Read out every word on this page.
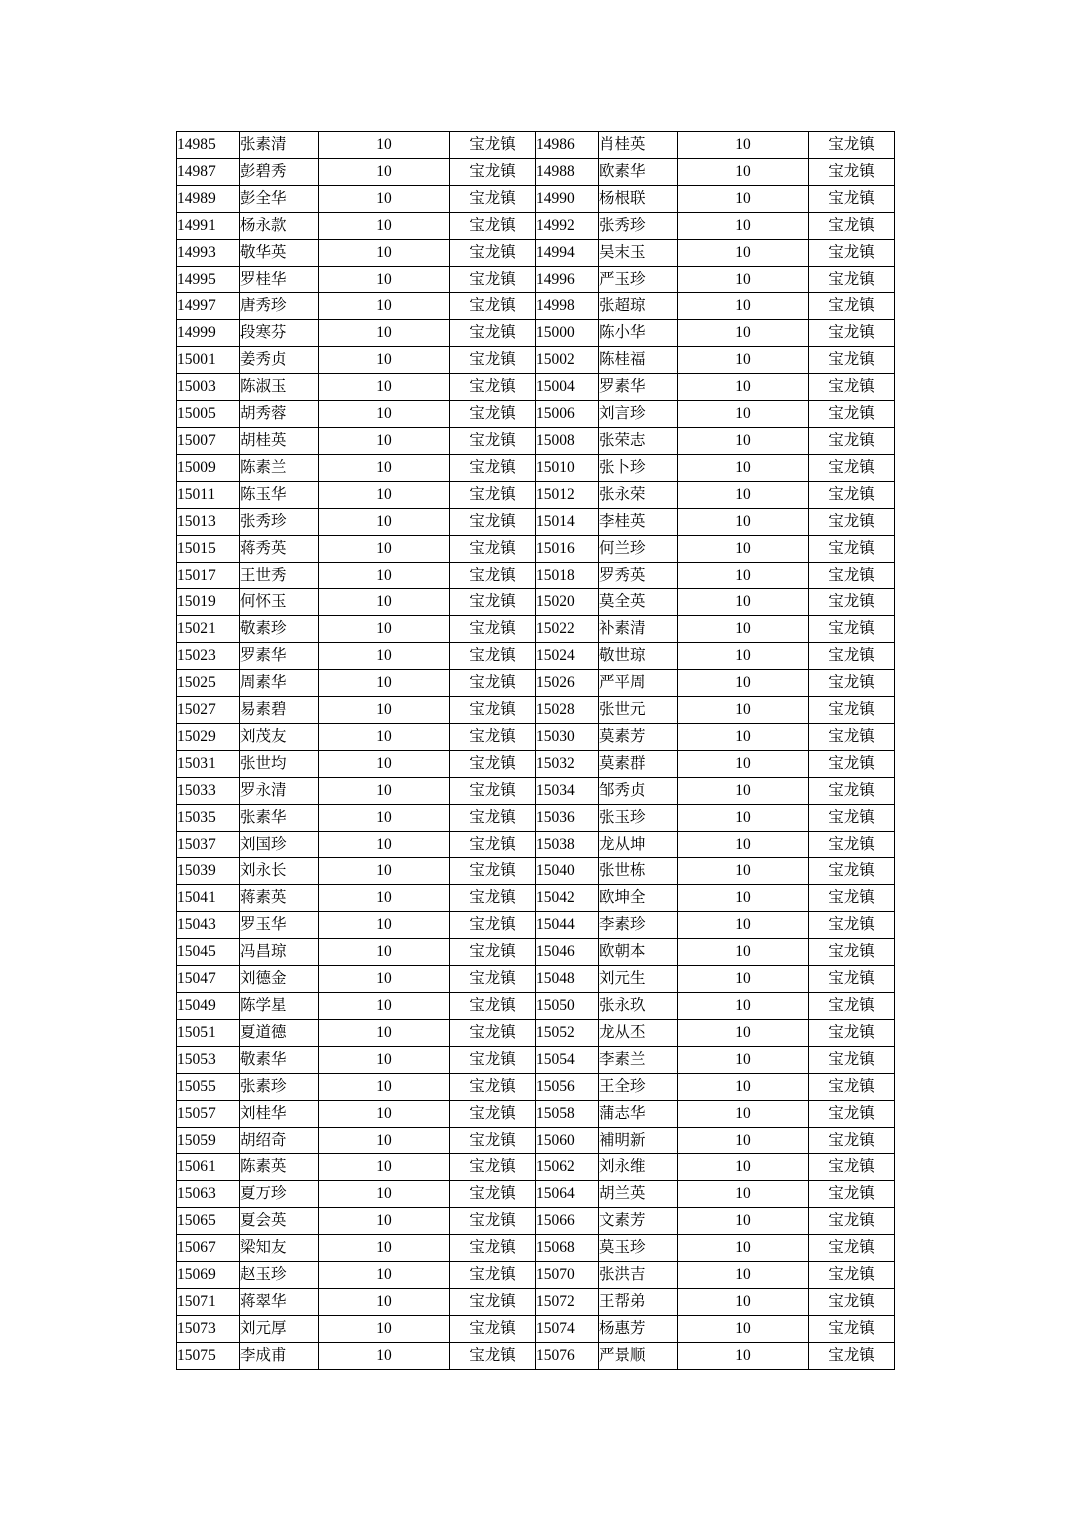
14985	张素清	10	宝龙镇	14986	肖桂英	10	宝龙镇
14987	彭碧秀	10	宝龙镇	14988	欧素华	10	宝龙镇
14989	彭全华	10	宝龙镇	14990	杨根联	10	宝龙镇
14991	杨永款	10	宝龙镇	14992	张秀珍	10	宝龙镇
14993	敬华英	10	宝龙镇	14994	吴末玉	10	宝龙镇
14995	罗桂华	10	宝龙镇	14996	严玉珍	10	宝龙镇
14997	唐秀珍	10	宝龙镇	14998	张超琼	10	宝龙镇
14999	段寒芬	10	宝龙镇	15000	陈小华	10	宝龙镇
15001	姜秀贞	10	宝龙镇	15002	陈桂福	10	宝龙镇
15003	陈淑玉	10	宝龙镇	15004	罗素华	10	宝龙镇
15005	胡秀蓉	10	宝龙镇	15006	刘言珍	10	宝龙镇
15007	胡桂英	10	宝龙镇	15008	张荣志	10	宝龙镇
15009	陈素兰	10	宝龙镇	15010	张卜珍	10	宝龙镇
15011	陈玉华	10	宝龙镇	15012	张永荣	10	宝龙镇
15013	张秀珍	10	宝龙镇	15014	李桂英	10	宝龙镇
15015	蒋秀英	10	宝龙镇	15016	何兰珍	10	宝龙镇
15017	王世秀	10	宝龙镇	15018	罗秀英	10	宝龙镇
15019	何怀玉	10	宝龙镇	15020	莫全英	10	宝龙镇
15021	敬素珍	10	宝龙镇	15022	补素清	10	宝龙镇
15023	罗素华	10	宝龙镇	15024	敬世琼	10	宝龙镇
15025	周素华	10	宝龙镇	15026	严平周	10	宝龙镇
15027	易素碧	10	宝龙镇	15028	张世元	10	宝龙镇
15029	刘茂友	10	宝龙镇	15030	莫素芳	10	宝龙镇
15031	张世均	10	宝龙镇	15032	莫素群	10	宝龙镇
15033	罗永清	10	宝龙镇	15034	邹秀贞	10	宝龙镇
15035	张素华	10	宝龙镇	15036	张玉珍	10	宝龙镇
15037	刘国珍	10	宝龙镇	15038	龙从坤	10	宝龙镇
15039	刘永长	10	宝龙镇	15040	张世栋	10	宝龙镇
15041	蒋素英	10	宝龙镇	15042	欧坤全	10	宝龙镇
15043	罗玉华	10	宝龙镇	15044	李素珍	10	宝龙镇
15045	冯昌琼	10	宝龙镇	15046	欧朝本	10	宝龙镇
15047	刘德金	10	宝龙镇	15048	刘元生	10	宝龙镇
15049	陈学星	10	宝龙镇	15050	张永玖	10	宝龙镇
15051	夏道德	10	宝龙镇	15052	龙从丕	10	宝龙镇
15053	敬素华	10	宝龙镇	15054	李素兰	10	宝龙镇
15055	张素珍	10	宝龙镇	15056	王全珍	10	宝龙镇
15057	刘桂华	10	宝龙镇	15058	蒲志华	10	宝龙镇
15059	胡绍奇	10	宝龙镇	15060	補明新	10	宝龙镇
15061	陈素英	10	宝龙镇	15062	刘永维	10	宝龙镇
15063	夏万珍	10	宝龙镇	15064	胡兰英	10	宝龙镇
15065	夏会英	10	宝龙镇	15066	文素芳	10	宝龙镇
15067	梁知友	10	宝龙镇	15068	莫玉珍	10	宝龙镇
15069	赵玉珍	10	宝龙镇	15070	张洪吉	10	宝龙镇
15071	蒋翠华	10	宝龙镇	15072	王帮弟	10	宝龙镇
15073	刘元厚	10	宝龙镇	15074	杨惠芳	10	宝龙镇
15075	李成甫	10	宝龙镇	15076	严景顺	10	宝龙镇
